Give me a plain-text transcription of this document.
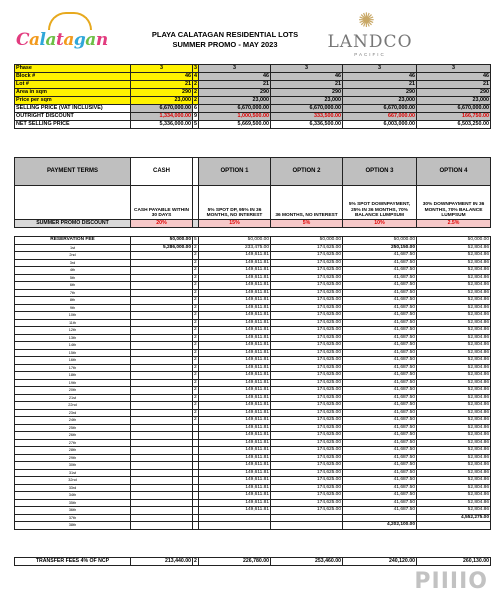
Calatagan	PLAYA CALATAGAN RESIDENTIAL LOTS
SUMMER PROMO - MAY 2023
✺
LANDCO
PACIFIC
Phase	3	3	3	3	3	3
Block #	46	4	46	46	46	46
Lot #	21	2	21	21	21	21
Area in sqm	290	2	290	290	290	290
Price per sqm	23,000	2	23,000	23,000	23,000	23,000
SELLING PRICE (VAT INCLUSIVE)	6,670,000.00	6	6,670,000.00	6,670,000.00	6,670,000.00	6,670,000.00
OUTRIGHT DISCOUNT	1,334,000.00	9	1,000,500.00	333,500.00	667,000.00	166,750.00
NET SELLING PRICE	5,336,000.00	5	5,669,500.00	6,336,500.00	6,003,000.00	6,503,250.00
PAYMENT TERMS	CASH		OPTION 1	OPTION 2	OPTION 3	OPTION 4
	CASH PAYABLE WITHIN 30 DAYS		5% SPOT DP, 95% IN 36 MONTHS, NO INTEREST	36 MONTHS, NO INTEREST	5% SPOT DOWNPAYMENT, 25% IN 36 MONTHS, 70% BALANCE LUMPSUM	30% DOWNPAYMENT IN 36 MONTHS, 70% BALANCE LUMPSUM
SUMMER PROMO DISCOUNT	20%		15%	5%	10%	2.5%
RESERVATION FEE	50,000.00	5	50,000.00	50,000.00	50,000.00	50,000.00
1st	5,286,000.00	2	233,475.00	174,625.00	250,150.00	52,804.86
2nd		2	149,611.81	174,625.00	41,687.50	52,804.86
3rd		2	149,611.81	174,625.00	41,687.50	52,804.86
4th		2	149,611.81	174,625.00	41,687.50	52,804.86
5th		2	149,611.81	174,625.00	41,687.50	52,804.86
6th		2	149,611.81	174,625.00	41,687.50	52,804.86
7th		2	149,611.81	174,625.00	41,687.50	52,804.86
8th		2	149,611.81	174,625.00	41,687.50	52,804.86
9th		2	149,611.81	174,625.00	41,687.50	52,804.86
10th		2	149,611.81	174,625.00	41,687.50	52,804.86
11th		2	149,611.81	174,625.00	41,687.50	52,804.86
12th		2	149,611.81	174,625.00	41,687.50	52,804.86
13th		2	149,611.81	174,625.00	41,687.50	52,804.86
14th		2	149,611.81	174,625.00	41,687.50	52,804.86
15th		2	149,611.81	174,625.00	41,687.50	52,804.86
16th		2	149,611.81	174,625.00	41,687.50	52,804.86
17th		2	149,611.81	174,625.00	41,687.50	52,804.86
18th		2	149,611.81	174,625.00	41,687.50	52,804.86
19th		2	149,611.81	174,625.00	41,687.50	52,804.86
20th		2	149,611.81	174,625.00	41,687.50	52,804.86
21st		2	149,611.81	174,625.00	41,687.50	52,804.86
22nd		2	149,611.81	174,625.00	41,687.50	52,804.86
23rd		2	149,611.81	174,625.00	41,687.50	52,804.86
24th		2	149,611.81	174,625.00	41,687.50	52,804.86
25th			149,611.81	174,625.00	41,687.50	52,804.86
26th			149,611.81	174,625.00	41,687.50	52,804.86
27th			149,611.81	174,625.00	41,687.50	52,804.86
28th			149,611.81	174,625.00	41,687.50	52,804.86
29th			149,611.81	174,625.00	41,687.50	52,804.86
30th			149,611.81	174,625.00	41,687.50	52,804.86
31st			149,611.81	174,625.00	41,687.50	52,804.86
32nd			149,611.81	174,625.00	41,687.50	52,804.86
33rd			149,611.81	174,625.00	41,687.50	52,804.86
34th			149,611.81	174,625.00	41,687.50	52,804.86
35th			149,611.81	174,625.00	41,687.50	52,804.86
36th			149,611.81	174,625.00	41,687.50	52,804.86
37th						4,552,275.00
38th					4,202,100.00	
TRANSFER FEES 4% OF NCP	213,440.00	2	226,780.00	253,460.00	240,120.00	260,130.00
PIIIIO
